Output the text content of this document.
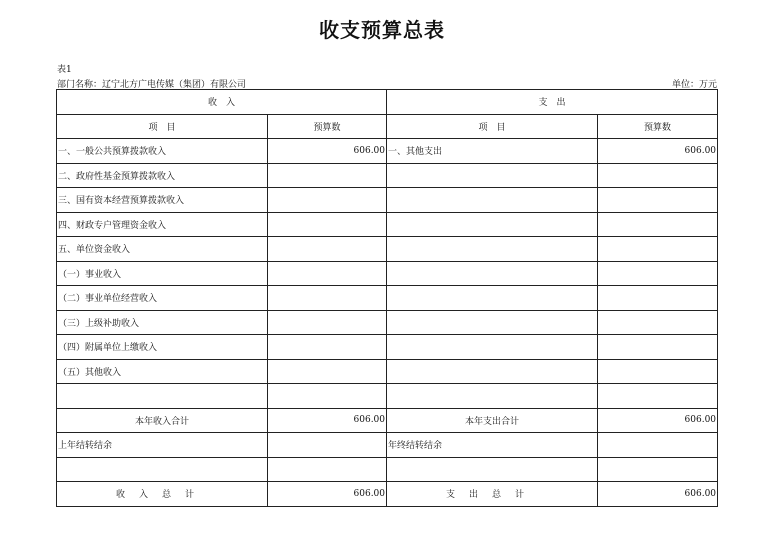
收支预算总表
表1
部门名称：辽宁北方广电传媒（集团）有限公司	单位：万元
收　入		支　出	
项　目	预算数	项　目	预算数
一、一般公共预算拨款收入	606.00	一、其他支出	606.00
二、政府性基金预算拨款收入			
三、国有资本经营预算拨款收入			
四、财政专户管理资金收入			
五、单位资金收入			
（一）事业收入			
（二）事业单位经营收入			
（三）上级补助收入			
（四）附属单位上缴收入			
（五）其他收入			

本年收入合计	606.00	本年支出合计	606.00
上年结转结余		年终结转结余	

收入总计	606.00	支出总计	606.00
